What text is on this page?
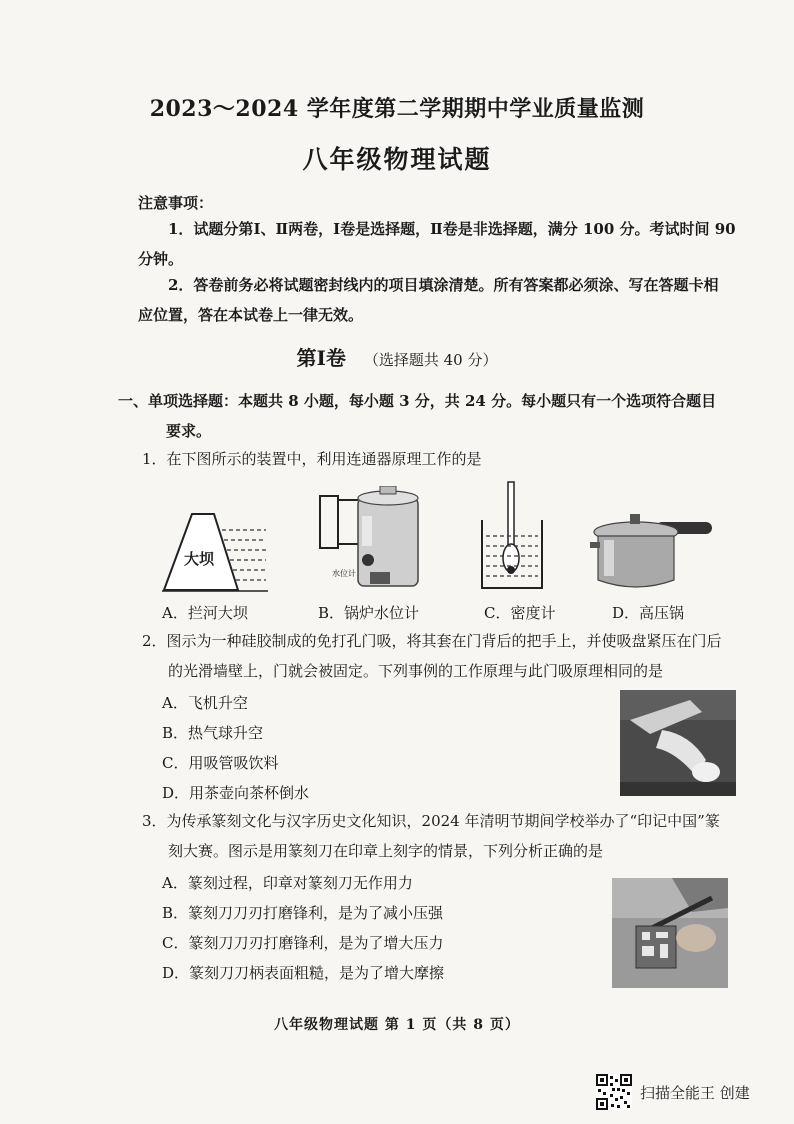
2023～2024 学年度第二学期期中学业质量监测
八年级物理试题
注意事项：
1．试题分第Ⅰ、Ⅱ两卷，Ⅰ卷是选择题，Ⅱ卷是非选择题，满分 100 分。考试时间 90
分钟。
2．答卷前务必将试题密封线内的项目填涂清楚。所有答案都必须涂、写在答题卡相
应位置，答在本试卷上一律无效。
第Ⅰ卷 （选择题共 40 分）
一、单项选择题：本题共 8 小题，每小题 3 分，共 24 分。每小题只有一个选项符合题目
要求。
1．在下图所示的装置中，利用连通器原理工作的是
大坝
水位计
A．拦河大坝	B．锅炉水位计	C．密度计	D．高压锅
2．图示为一种硅胶制成的免打孔门吸，将其套在门背后的把手上，并使吸盘紧压在门后
的光滑墙壁上，门就会被固定。下列事例的工作原理与此门吸原理相同的是
A．飞机升空
B．热气球升空
C．用吸管吸饮料
D．用茶壶向茶杯倒水
3．为传承篆刻文化与汉字历史文化知识，2024 年清明节期间学校举办了“印记中国”篆
刻大赛。图示是用篆刻刀在印章上刻字的情景，下列分析正确的是
A．篆刻过程，印章对篆刻刀无作用力
B．篆刻刀刀刃打磨锋利，是为了减小压强
C．篆刻刀刀刃打磨锋利，是为了增大压力
D．篆刻刀刀柄表面粗糙，是为了增大摩擦
八年级物理试题 第 1 页（共 8 页）
扫描全能王 创建
